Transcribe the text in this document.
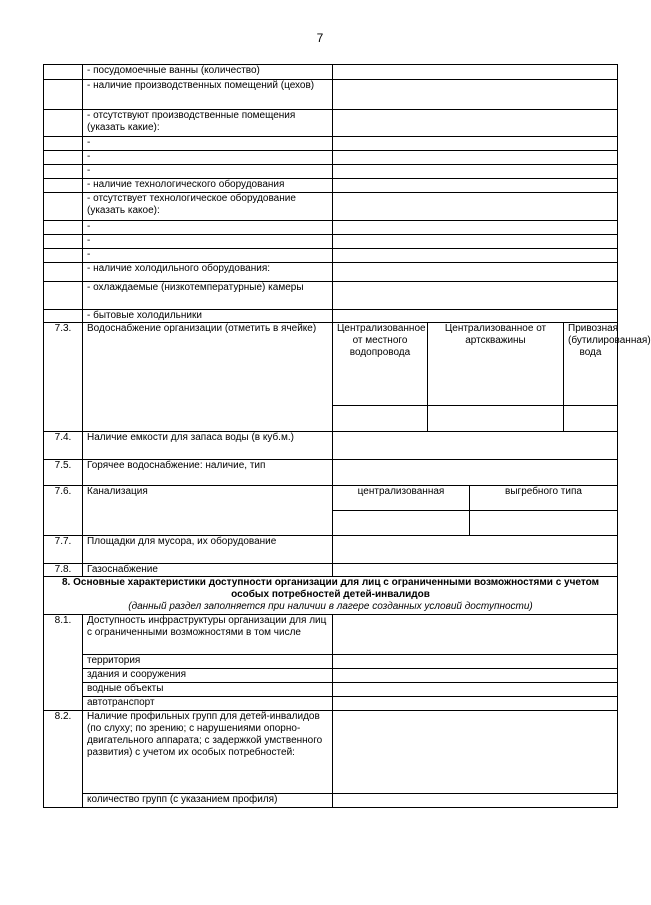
7
	- посудомоечные ванны (количество)				
	- наличие производственных помещений (цехов)				
	- отсутствуют производственные помещения (указать какие):				
	-				
	-				
	-				
	- наличие технологического оборудования				
	- отсутствует технологическое оборудование (указать какое):				
	-				
	-				
	-				
	- наличие холодильного оборудования:				
	- охлаждаемые (низкотемпературные) камеры				
	- бытовые холодильники				
7.3.	Водоснабжение организации (отметить в ячейке)	Централизованное от местного водопровода	Централизованное от артскважины		Привозная (бутилированная) вода

7.4.	Наличие емкости для запаса воды (в куб.м.)				
7.5.	Горячее водоснабжение: наличие, тип				
7.6.	Канализация	централизованная		выгребного типа	

7.7.	Площадки для мусора, их оборудование				
7.8.	Газоснабжение				
8. Основные характеристики доступности организации для лиц с ограниченными возможностями с учетом особых потребностей детей-инвалидов
(данный раздел заполняется при наличии в лагере созданных условий доступности)					

8.1.	Доступность инфраструктуры организации для лиц с ограниченными возможностями в том числе				
	территория				
	здания и сооружения				
	водные объекты				
	автотранспорт				
8.2.	Наличие профильных групп для детей-инвалидов (по слуху; по зрению; с нарушениями опорно-двигательного аппарата; с задержкой умственного развития) с учетом их особых потребностей:				
	количество групп (с указанием профиля)				
